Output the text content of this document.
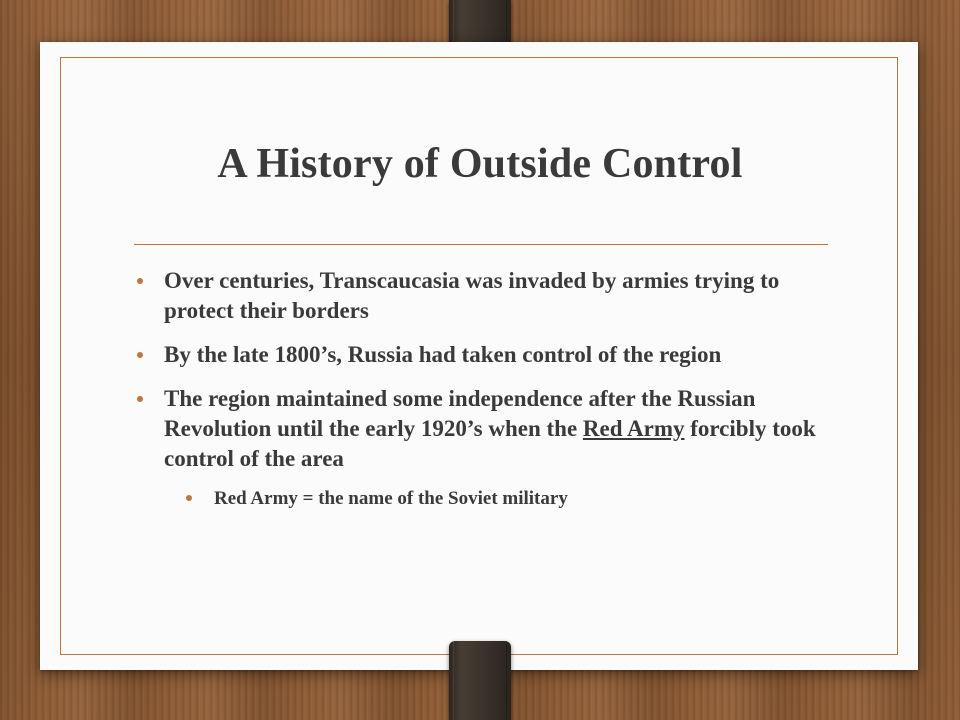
A History of Outside Control
Over centuries, Transcaucasia was invaded by armies trying to protect their borders
By the late 1800’s, Russia had taken control of the region
The region maintained some independence after the Russian Revolution until the early 1920’s when the Red Army forcibly took control of the area
Red Army = the name of the Soviet military
